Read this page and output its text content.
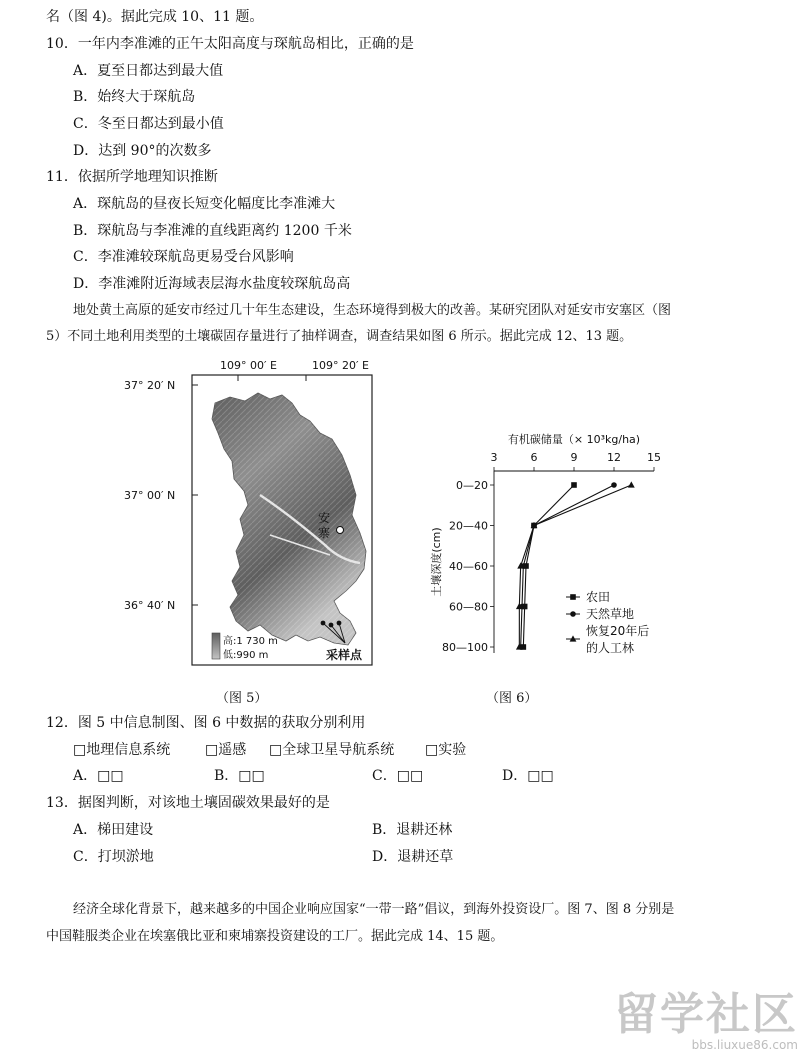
名（图 4)。据此完成 10、11 题。
10．一年内李准滩的正午太阳高度与琛航岛相比，正确的是
A．夏至日都达到最大值
B．始终大于琛航岛
C．冬至日都达到最小值
D．达到 90°的次数多
11．依据所学地理知识推断
A．琛航岛的昼夜长短变化幅度比李准滩大
B．琛航岛与李准滩的直线距离约 1200 千米
C．李准滩较琛航岛更易受台风影响
D．李准滩附近海域表层海水盐度较琛航岛高
地处黄土高原的延安市经过几十年生态建设，生态环境得到极大的改善。某研究团队对延安市安塞区（图
5）不同土地利用类型的土壤碳固存量进行了抽样调查，调查结果如图 6 所示。据此完成 12、13 题。
安
寨
采样点
高:1 730 m
低:990 m
109° 00′ E	109° 20′ E
37° 20′ N
37° 00′ N
36° 40′ N
（图 5）
有机碳储量（× 10³kg/ha)
3	6	9	12 15
0—20
20—40
40—60
60—80
80—100
土壤深度(cm)
农田
天然草地
恢复20年后
的人工林
（图 6）
12．图 5 中信息制图、图 6 中数据的获取分别利用
□地理信息系统 □遥感 □全球卫星导航系统 □实验
A．□□	B．□□	C．□□	D．□□
13．据图判断，对该地土壤固碳效果最好的是
A．梯田建设	B．退耕还林
C．打坝淤地	D．退耕还草
经济全球化背景下，越来越多的中国企业响应国家“一带一路”倡议，到海外投资设厂。图 7、图 8 分别是
中国鞋服类企业在埃塞俄比亚和柬埔寨投资建设的工厂。据此完成 14、15 题。
留学社区
bbs.liuxue86.com
